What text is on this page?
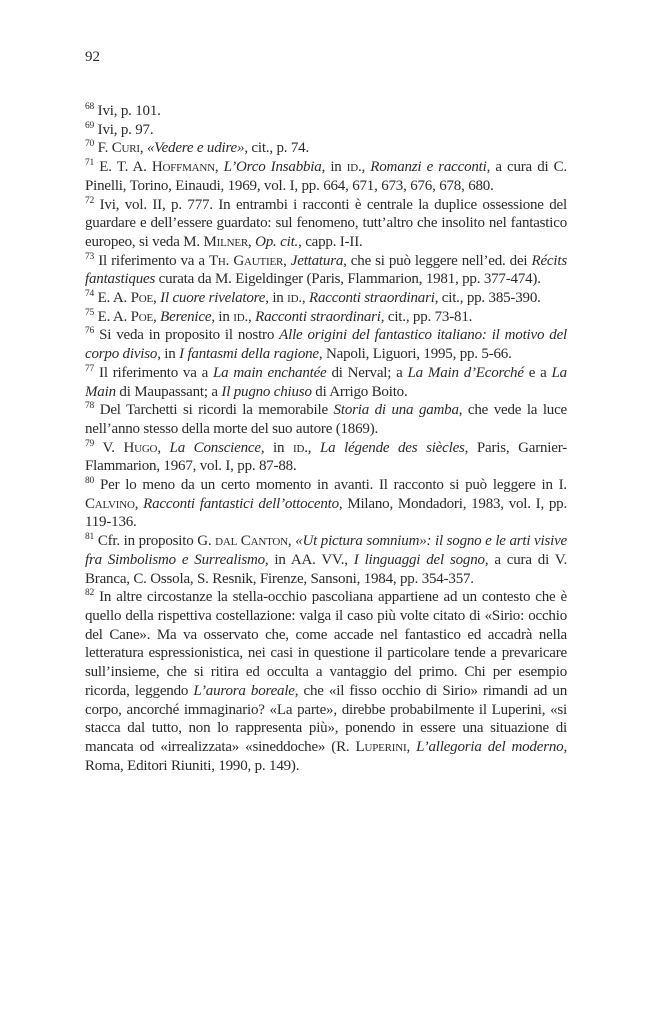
92

$^{68}$ Ivi, p. 101.

$^{69}$ Ivi, p. 97.

$^{70}$ F. Curi, «Vedere e udire», cit., p. 74.

$^{71}$ E. T. A. Hoffmann, L’Orco Insabbia, in id., Romanzi e racconti, a cura di C. Pinelli, Torino, Einaudi, 1969, vol. I, pp. 664, 671, 673, 676, 678, 680.

$^{72}$ Ivi, vol. II, p. 777. In entrambi i racconti è centrale la duplice ossessione del guardare e dell’essere guardato: sul fenomeno, tutt’altro che insolito nel fantastico europeo, si veda M. Milner, Op. cit., capp. I-II.

$^{73}$ Il riferimento va a Th. Gautier, Jettatura, che si può leggere nell’ed. dei Récits fantastiques curata da M. Eigeldinger (Paris, Flammarion, 1981, pp. 377-474).

$^{74}$ E. A. Poe, Il cuore rivelatore, in id., Racconti straordinari, cit., pp. 385-390.

$^{75}$ E. A. Poe, Berenice, in id., Racconti straordinari, cit., pp. 73-81.

$^{76}$ Si veda in proposito il nostro Alle origini del fantastico italiano: il motivo del corpo diviso, in I fantasmi della ragione, Napoli, Liguori, 1995, pp. 5-66.

$^{77}$ Il riferimento va a La main enchantée di Nerval; a La Main d’Ecorché e a La Main di Maupassant; a Il pugno chiuso di Arrigo Boito.

$^{78}$ Del Tarchetti si ricordi la memorabile Storia di una gamba, che vede la luce nell’anno stesso della morte del suo autore (1869).

$^{79}$ V. Hugo, La Conscience, in id., La légende des siècles, Paris, Garnier-Flammarion, 1967, vol. I, pp. 87-88.

$^{80}$ Per lo meno da un certo momento in avanti. Il racconto si può leggere in I. Calvino, Racconti fantastici dell’ottocento, Milano, Mondadori, 1983, vol. I, pp. 119-136.

$^{81}$ Cfr. in proposito G. dal Canton, «Ut pictura somnium»: il sogno e le arti visive fra Simbolismo e Surrealismo, in AA. VV., I linguaggi del sogno, a cura di V. Branca, C. Ossola, S. Resnik, Firenze, Sansoni, 1984, pp. 354-357.

$^{82}$ In altre circostanze la stella-occhio pascoliana appartiene ad un contesto che è quello della rispettiva costellazione: valga il caso più volte citato di «Sirio: occhio del Cane». Ma va osservato che, come accade nel fantastico ed accadrà nella letteratura espressionistica, nei casi in questione il particolare tende a prevaricare sull’insieme, che si ritira ed occulta a vantaggio del primo. Chi per esempio ricorda, leggendo L’aurora boreale, che «il fisso occhio di Sirio» rimandi ad un corpo, ancorché immaginario? «La parte», direbbe probabilmente il Luperini, «si stacca dal tutto, non lo rappresenta più», ponendo in essere una situazione di mancata od «irrealizzata» «sineddoche» (R. Luperini, L’allegoria del moderno, Roma, Editori Riuniti, 1990, p. 149).
